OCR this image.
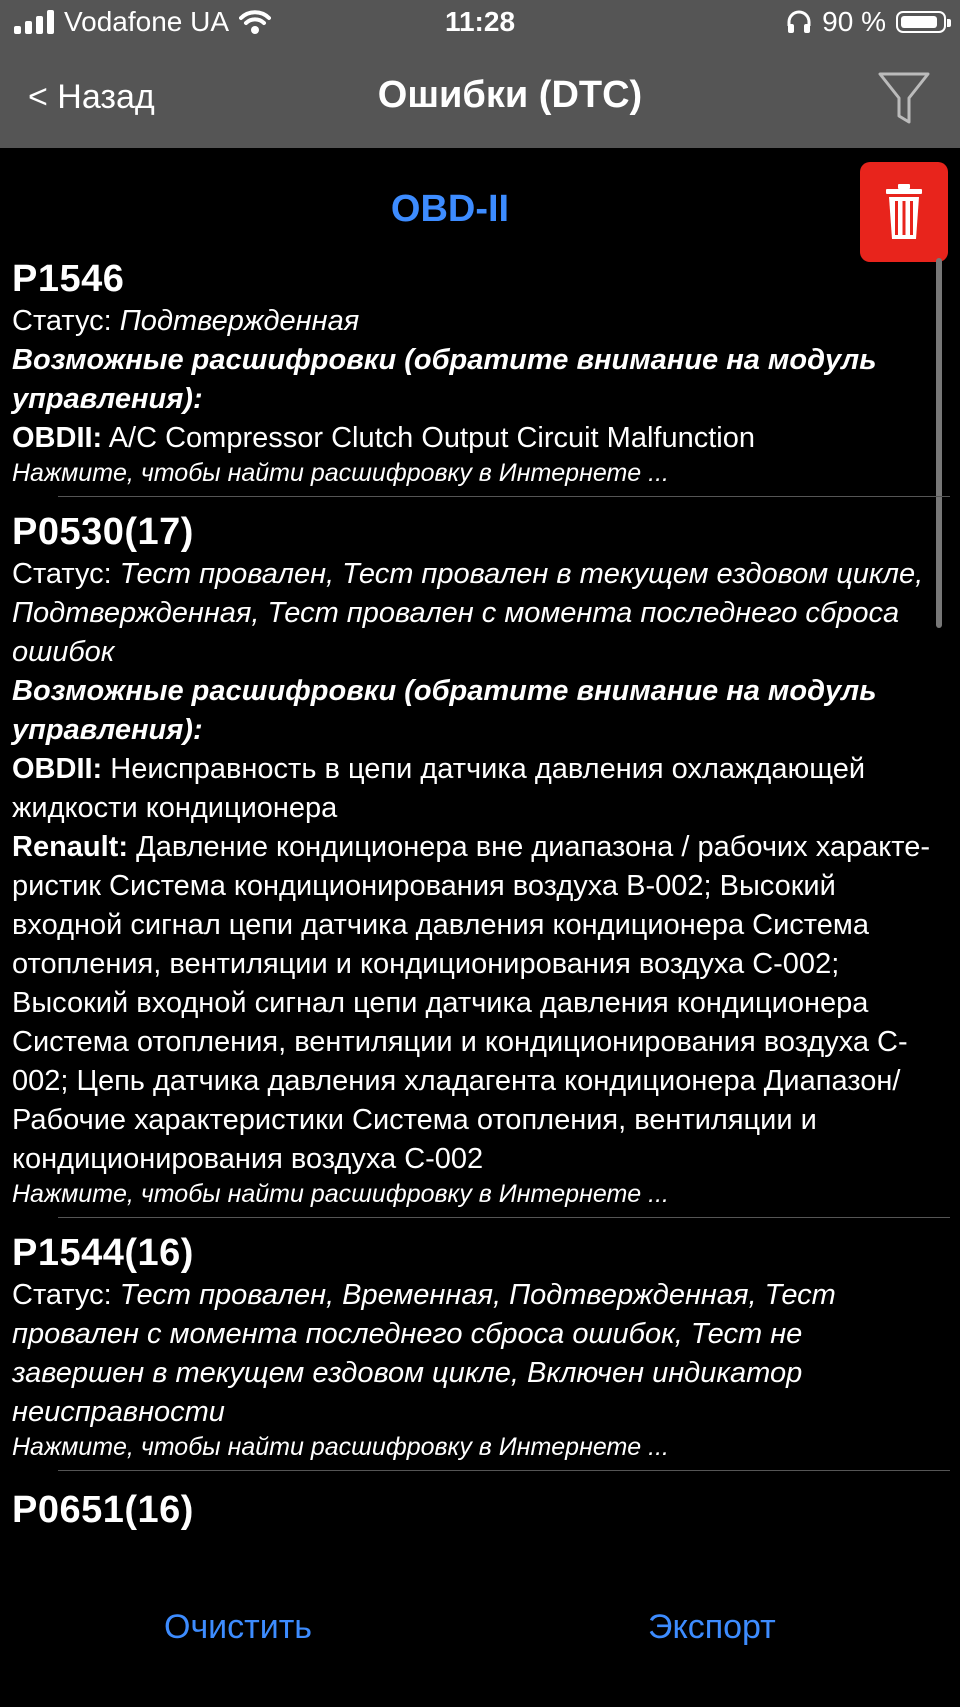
Vodafone UA	11:28	90 %
< Назад	Ошибки (DTC)
OBD-II
P1546
Статус: Подтвержденная
Возможные расшифровки (обратите внимание на модуль управления):
OBDII: A/C Compressor Clutch Output Circuit Malfunction
Нажмите, чтобы найти расшифровку в Интернете ...
P0530(17)
Статус: Тест провален, Тест провален в текущем ездовом цикле, Подтвержденная, Тест провален с момента последнего сброса ошибок
Возможные расшифровки (обратите внимание на модуль управления):
OBDII: Неисправность в цепи датчика давления охлаждающей жидкости кондиционера
Renault: Давление кондиционера вне диапазона / рабочих характе- ристик Система кондиционирования воздуха B-002; Высокий входной сигнал цепи датчика давления кондиционера Система отопления, вентиляции и кондиционирования воздуха C-002; Высокий входной сигнал цепи датчика давления кондиционера Система отопления, вентиляции и кондиционирования воздуха C-002; Цепь датчика давления хладагента кондиционера Диапазон/Рабочие характеристики Система отопления, вентиляции и кондиционирования воздуха C-002
Нажмите, чтобы найти расшифровку в Интернете ...
P1544(16)
Статус: Тест провален, Временная, Подтвержденная, Тест провален с момента последнего сброса ошибок, Тест не завершен в текущем ездовом цикле, Включен индикатор неисправности
Нажмите, чтобы найти расшифровку в Интернете ...
P0651(16)
Очистить	Экспорт
